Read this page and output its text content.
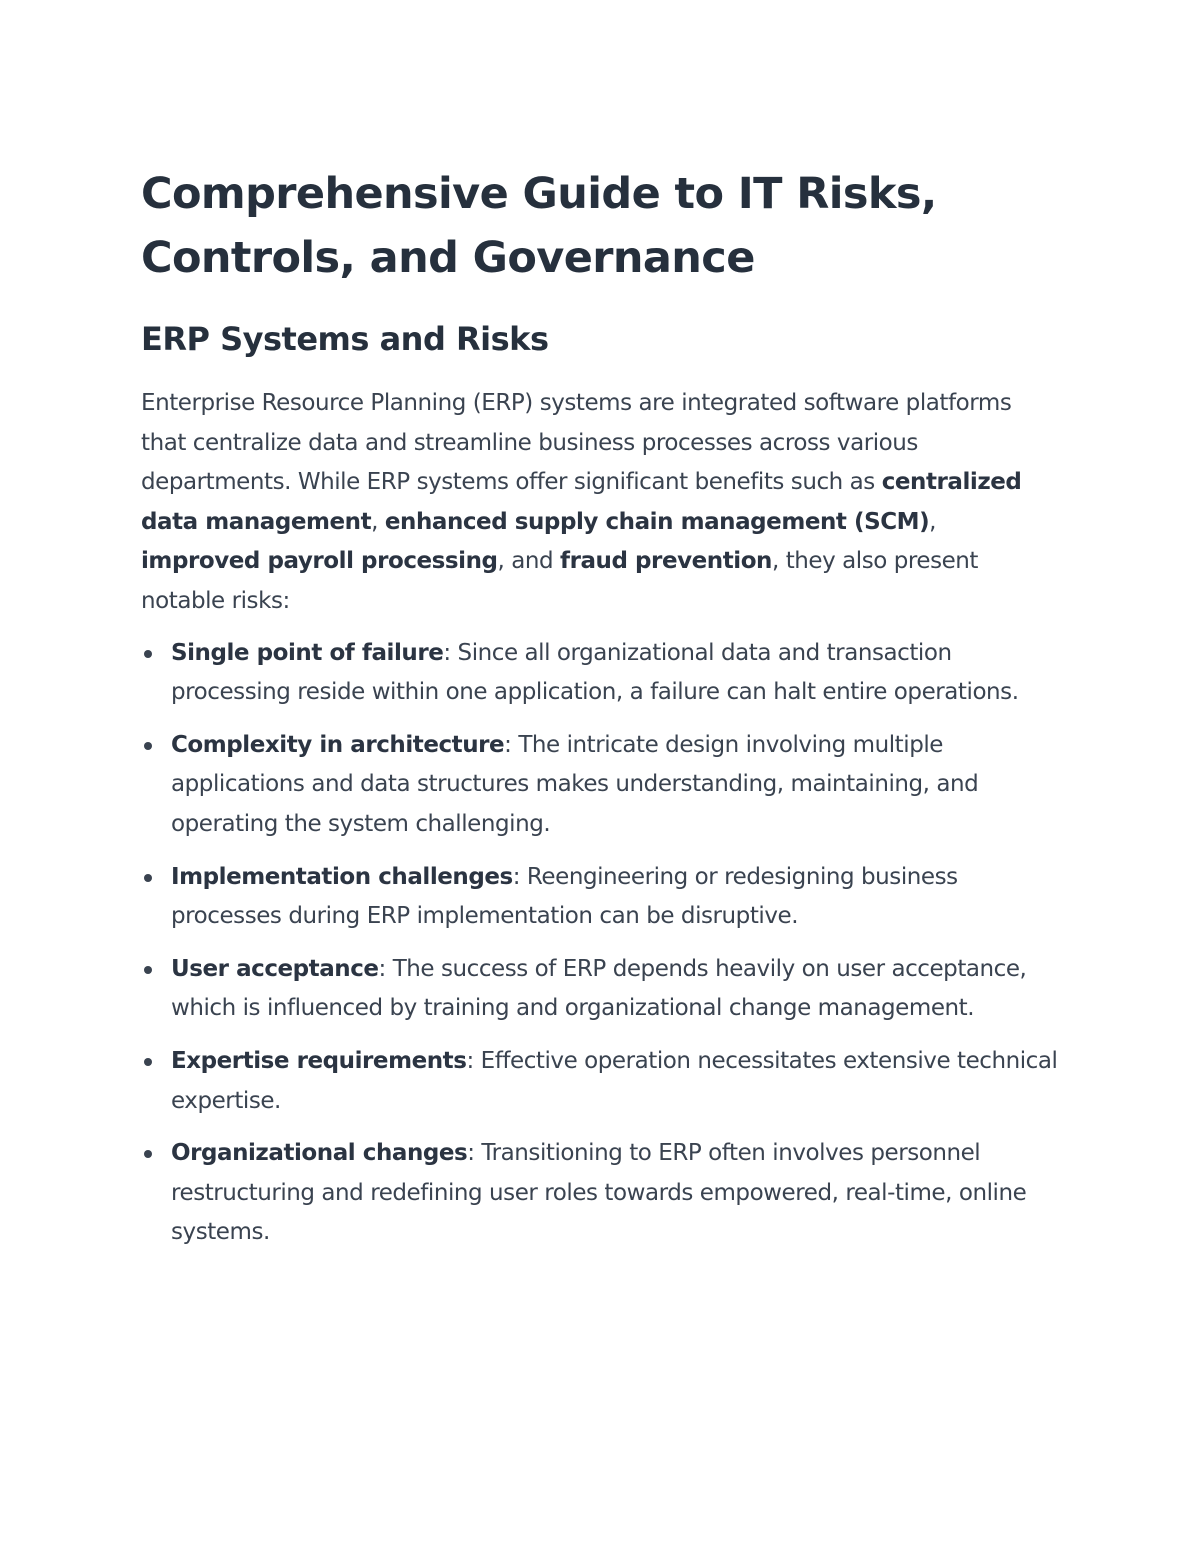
Comprehensive Guide to IT Risks, Controls, and Governance
ERP Systems and Risks

Enterprise Resource Planning (ERP) systems are integrated software platforms that centralize data and streamline business processes across various departments. While ERP systems offer significant benefits such as centralized data management, enhanced supply chain management (SCM), improved payroll processing, and fraud prevention, they also present notable risks:

Single point of failure: Since all organizational data and transaction processing reside within one application, a failure can halt entire operations.
Complexity in architecture: The intricate design involving multiple applications and data structures makes understanding, maintaining, and operating the system challenging.
Implementation challenges: Reengineering or redesigning business processes during ERP implementation can be disruptive.
User acceptance: The success of ERP depends heavily on user acceptance, which is influenced by training and organizational change management.
Expertise requirements: Effective operation necessitates extensive technical expertise.
Organizational changes: Transitioning to ERP often involves personnel restructuring and redefining user roles towards empowered, real-time, online systems.
